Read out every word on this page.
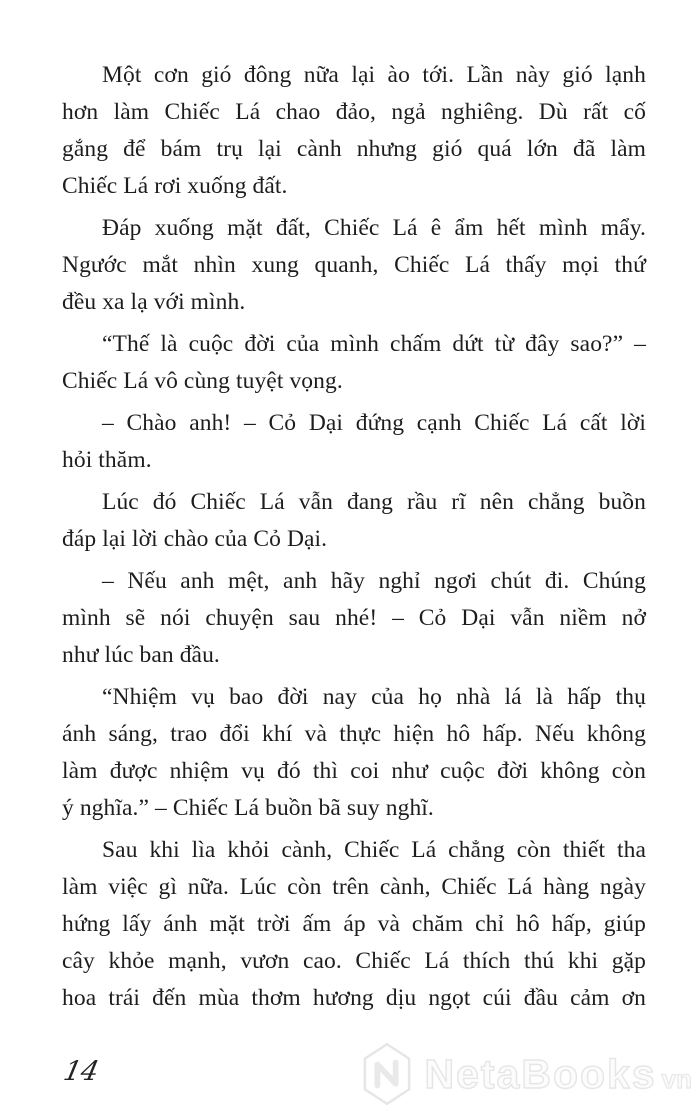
Một cơn gió đông nữa lại ào tới. Lần này gió lạnh
hơn làm Chiếc Lá chao đảo, ngả nghiêng. Dù rất cố
gắng để bám trụ lại cành nhưng gió quá lớn đã làm
Chiếc Lá rơi xuống đất.
Đáp xuống mặt đất, Chiếc Lá ê ẩm hết mình mẩy.
Ngước mắt nhìn xung quanh, Chiếc Lá thấy mọi thứ
đều xa lạ với mình.
“Thế là cuộc đời của mình chấm dứt từ đây sao?” –
Chiếc Lá vô cùng tuyệt vọng.
– Chào anh! – Cỏ Dại đứng cạnh Chiếc Lá cất lời
hỏi thăm.
Lúc đó Chiếc Lá vẫn đang rầu rĩ nên chẳng buồn
đáp lại lời chào của Cỏ Dại.
– Nếu anh mệt, anh hãy nghỉ ngơi chút đi. Chúng
mình sẽ nói chuyện sau nhé! – Cỏ Dại vẫn niềm nở
như lúc ban đầu.
“Nhiệm vụ bao đời nay của họ nhà lá là hấp thụ
ánh sáng, trao đổi khí và thực hiện hô hấp. Nếu không
làm được nhiệm vụ đó thì coi như cuộc đời không còn
ý nghĩa.” – Chiếc Lá buồn bã suy nghĩ.
Sau khi lìa khỏi cành, Chiếc Lá chẳng còn thiết tha
làm việc gì nữa. Lúc còn trên cành, Chiếc Lá hàng ngày
hứng lấy ánh mặt trời ấm áp và chăm chỉ hô hấp, giúp
cây khỏe mạnh, vươn cao. Chiếc Lá thích thú khi gặp
hoa trái đến mùa thơm hương dịu ngọt cúi đầu cảm ơn
14	NetaBooks vn
